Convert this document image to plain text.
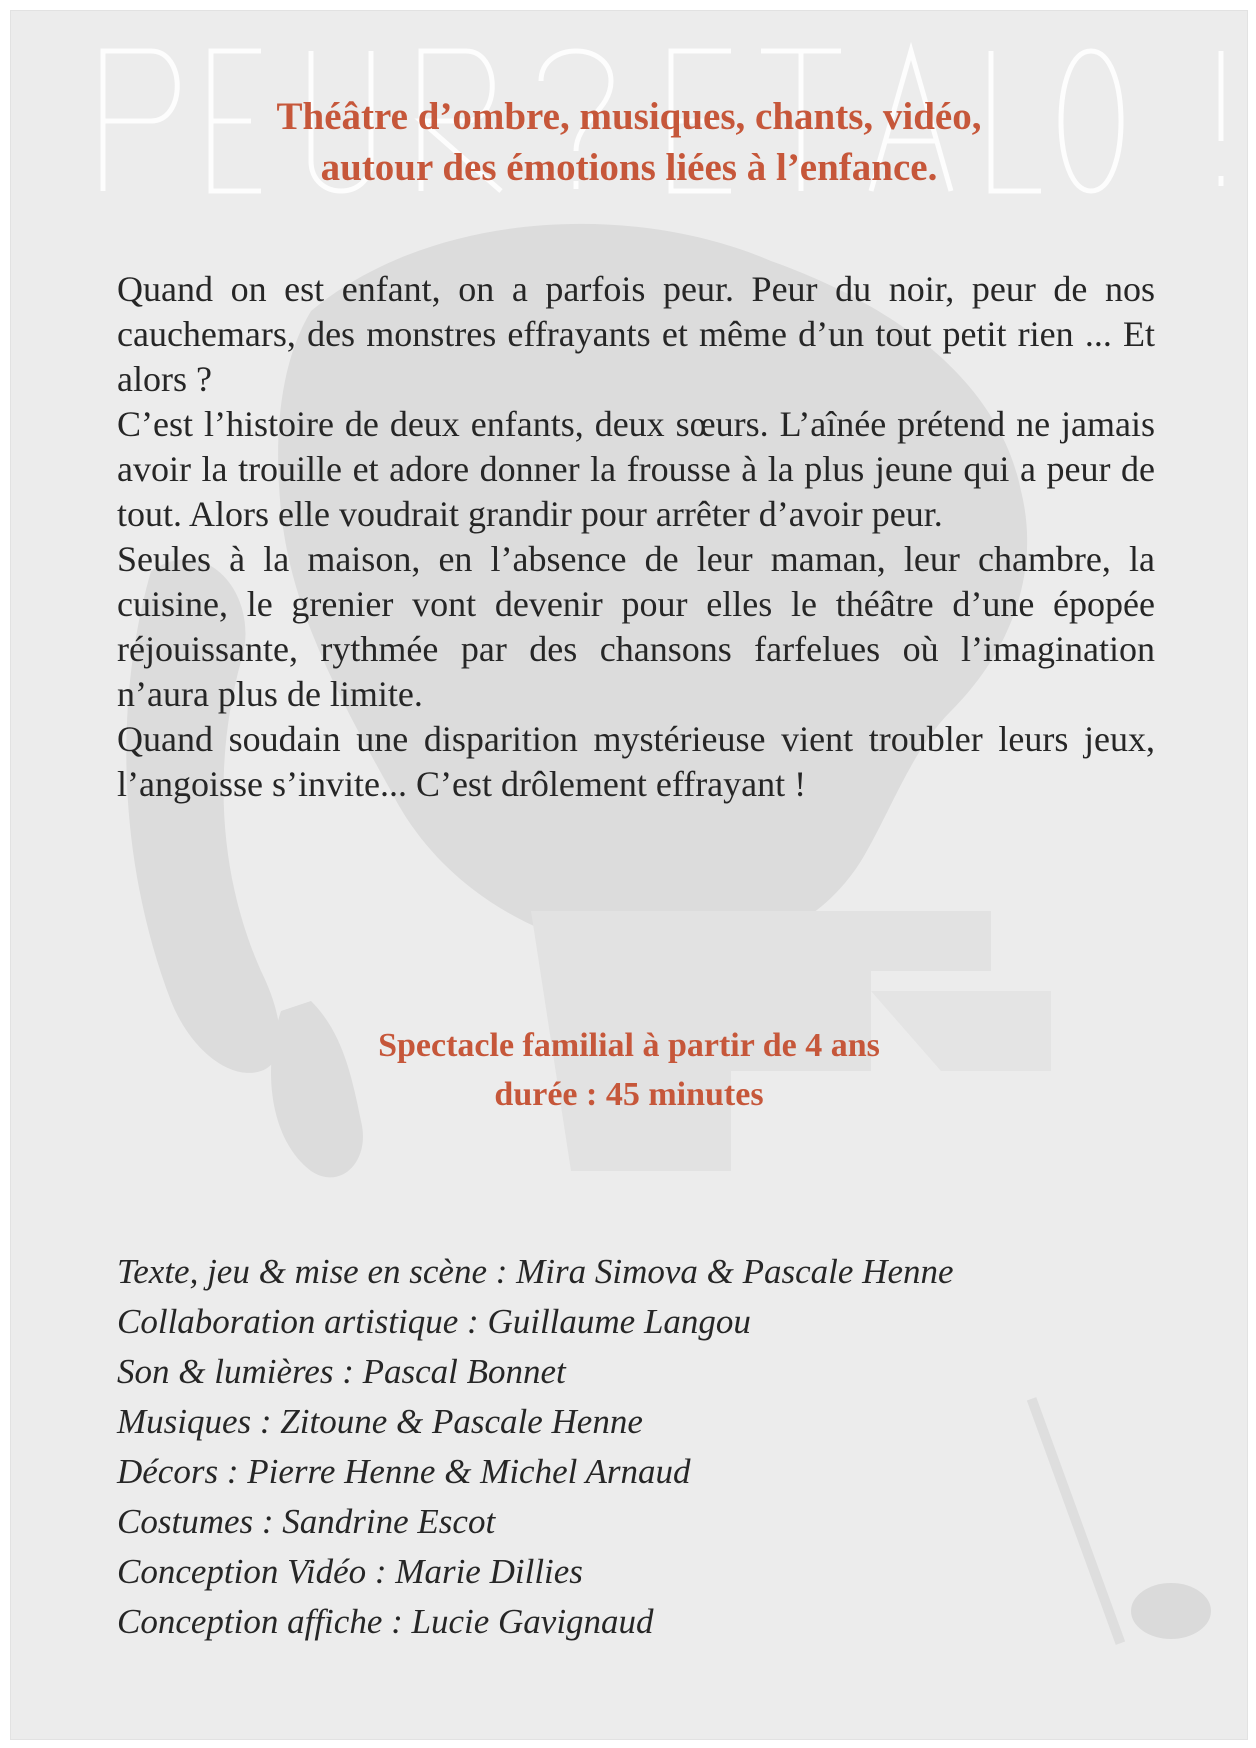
Théâtre d’ombre, musiques, chants, vidéo,
autour des émotions liées à l’enfance.

Quand on est enfant, on a parfois peur. Peur du noir, peur de nos cauchemars, des monstres effrayants et même d’un tout petit rien ... Et alors ?

C’est l’histoire de deux enfants, deux sœurs. L’aînée prétend ne jamais avoir la trouille et adore donner la frousse à la plus jeune qui a peur de tout. Alors elle voudrait grandir pour arrêter d’avoir peur.

Seules à la maison, en l’absence de leur maman, leur chambre, la cuisine, le grenier vont devenir pour elles le théâtre d’une épopée réjouissante, rythmée par des chansons farfelues où l’imagination n’aura plus de limite.

Quand soudain une disparition mystérieuse vient troubler leurs jeux, l’angoisse s’invite... C’est drôlement effrayant !

Spectacle familial à partir de 4 ans
durée : 45 minutes
Texte, jeu & mise en scène : Mira Simova & Pascale Henne
Collaboration artistique : Guillaume Langou
Son & lumières : Pascal Bonnet
Musiques : Zitoune & Pascale Henne
Décors : Pierre Henne & Michel Arnaud
Costumes : Sandrine Escot
Conception Vidéo : Marie Dillies
Conception affiche : Lucie Gavignaud
